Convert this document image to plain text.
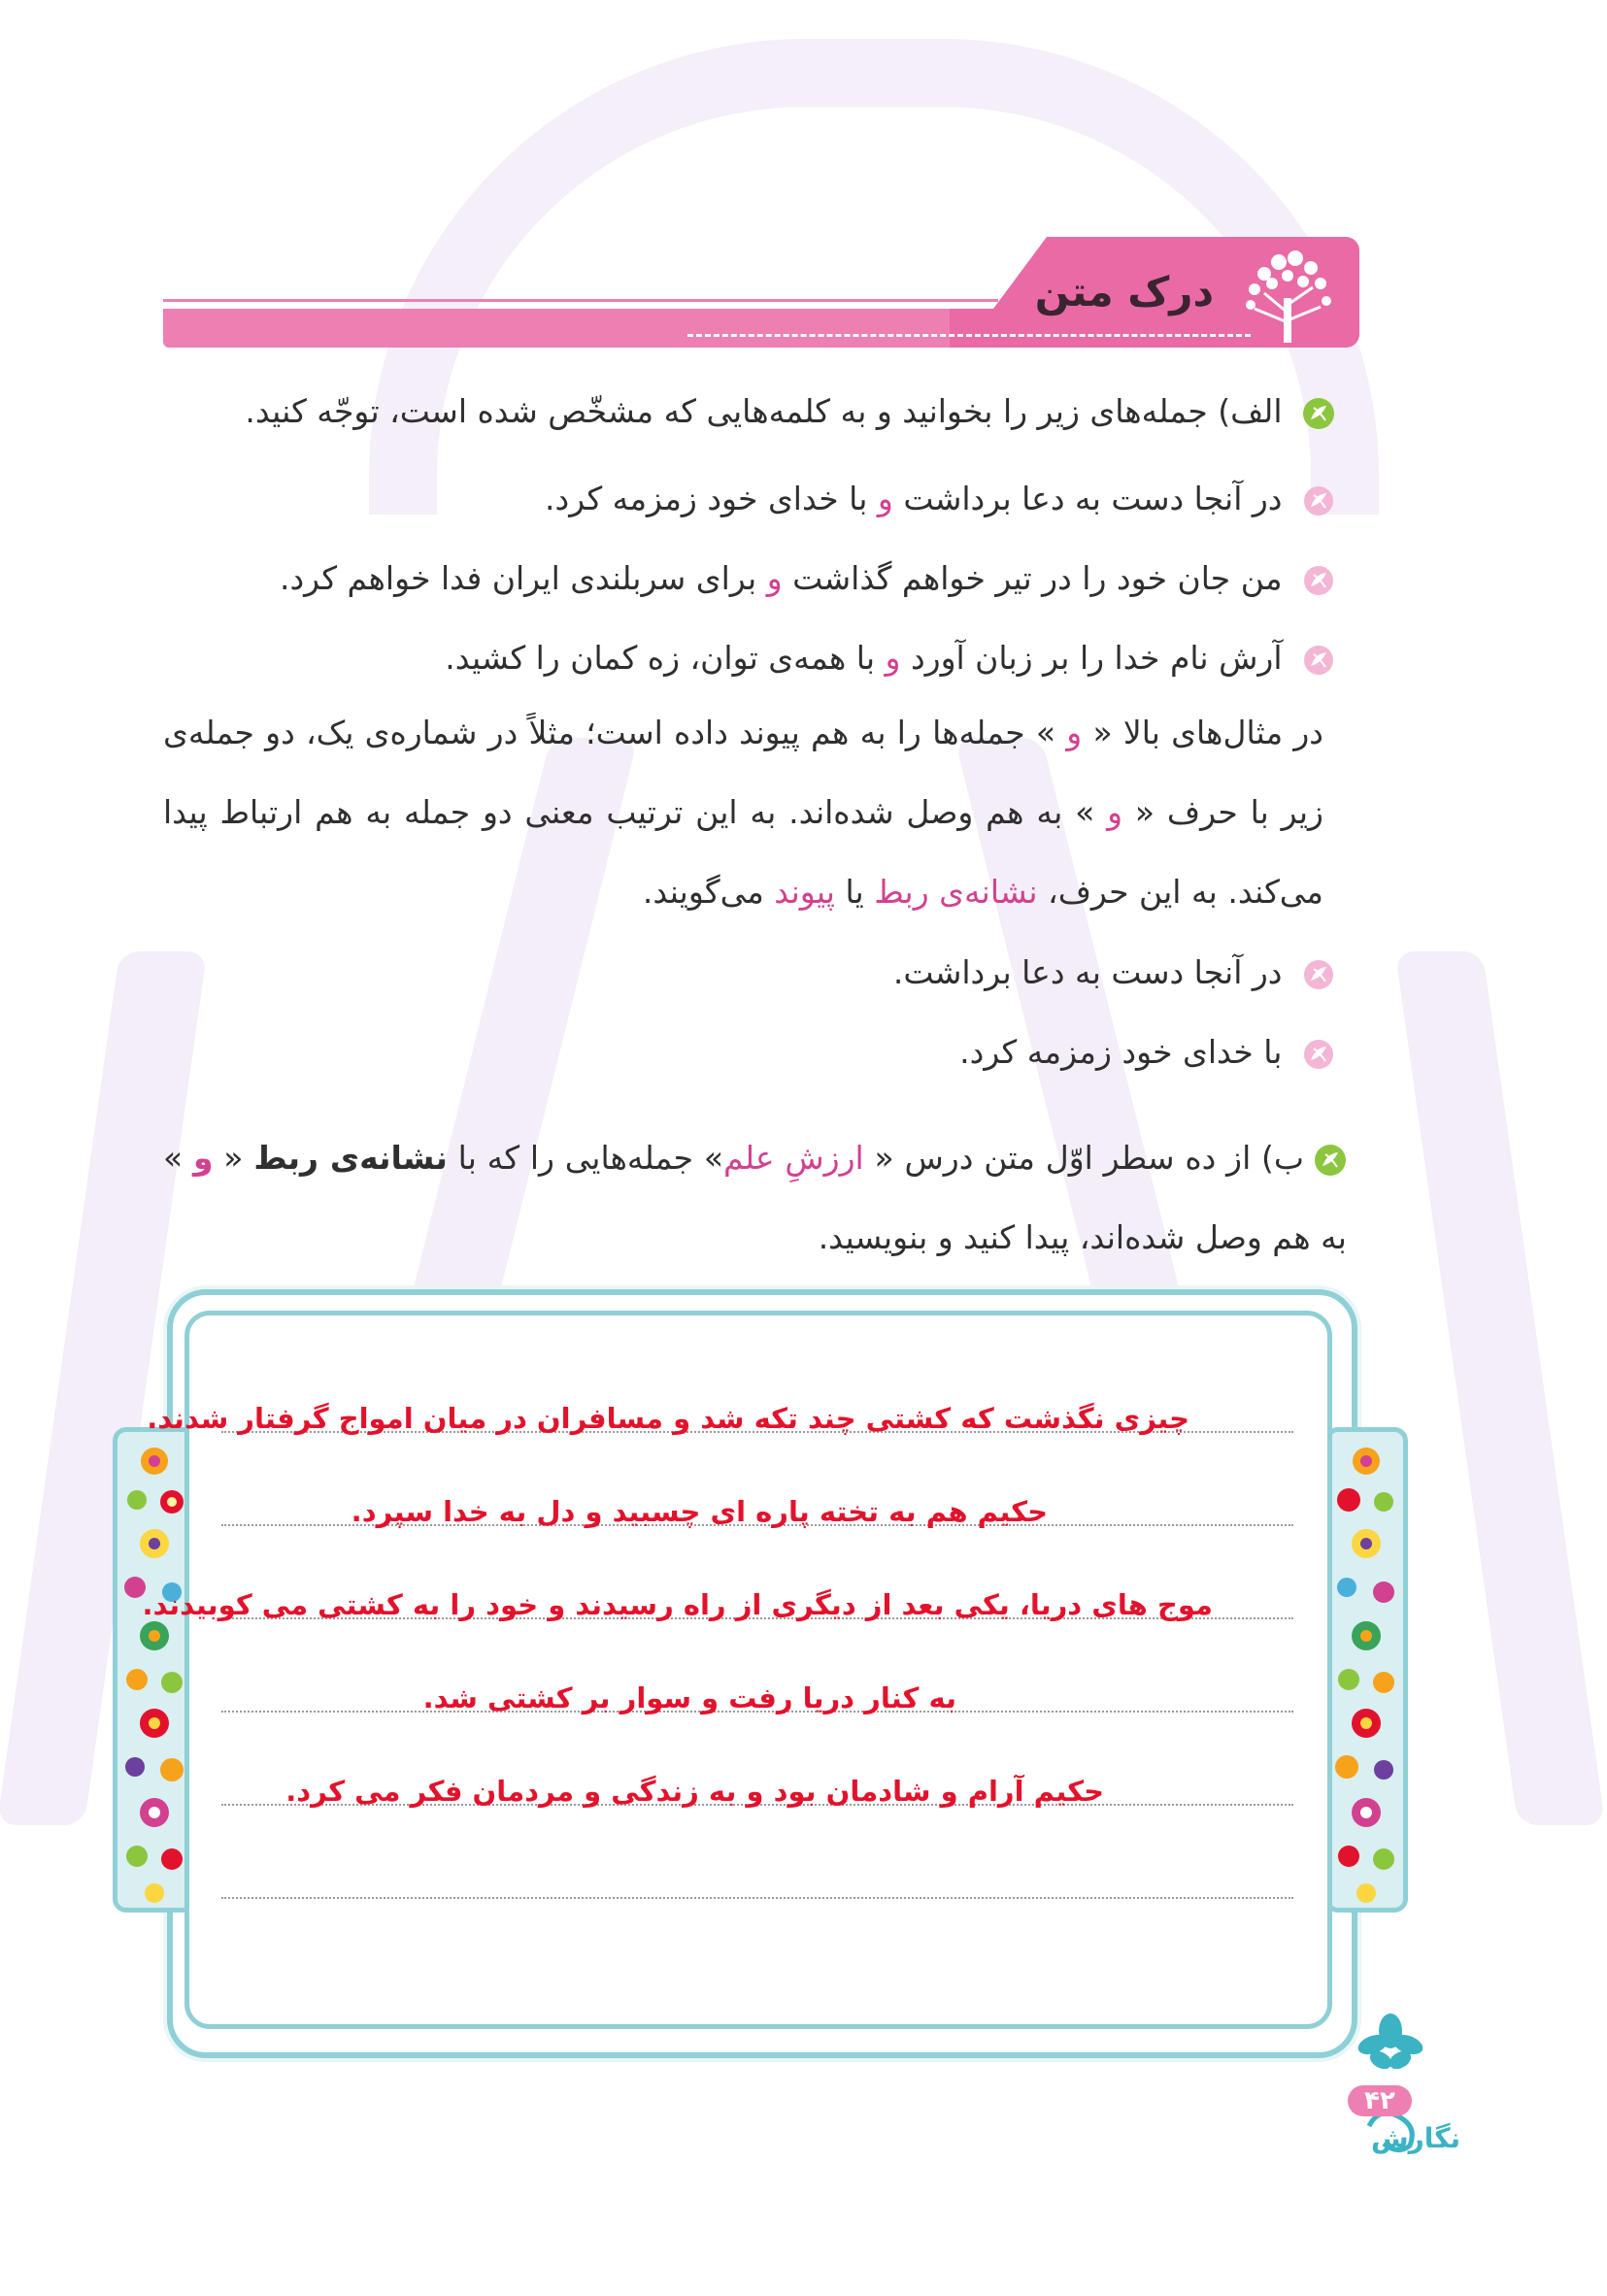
درک متن
الف) جمله‌های زیر را بخوانید و به کلمه‌هایی که مشخّص شده است، توجّه کنید.
در آنجا دست به دعا برداشت و با خدای خود زمزمه کرد.
من جان خود را در تیر خواهم گذاشت و برای سربلندی ایران فدا خواهم کرد.
آرش نام خدا را بر زبان آورد و با همه‌ی توان، زه کمان را کشید.
در مثال‌های بالا « و » جمله‌ها را به هم پیوند داده است؛ مثلاً در شماره‌ی یک، دو جمله‌ی زیر با حرف « و » به هم وصل شده‌اند. به این ترتیب معنی دو جمله به هم ارتباط پیدا می‌کند. به این حرف، نشانه‌ی ربط یا پیوند می‌گویند.
در آنجا دست به دعا برداشت.
با خدای خود زمزمه کرد.
ب) از ده سطر اوّل متن درس « ارزشِ علم» جمله‌هایی را که با نشانه‌ی ربط « و » به هم وصل شده‌اند، پیدا کنید و بنویسید.
چیزی نگذشت که کشتی چند تکه شد و مسافران در میان امواج گرفتار شدند.
حکیم هم به تخته پاره ای چسبید و دل به خدا سپرد.
موج های دریا، یکی بعد از دیگری از راه رسیدند و خود را به کشتی می کوبیدند.
به کنار دریا رفت و سوار بر کشتی شد.
حکیم آرام و شادمان بود و به زندگی و مردمان فکر می کرد.
۴۲
نگارش
